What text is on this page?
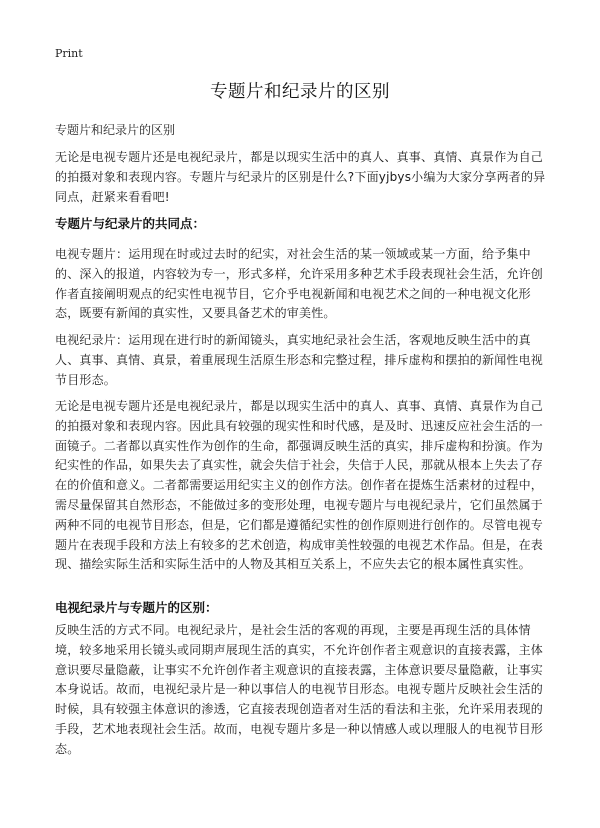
Print
专题片和纪录片的区别
专题片和纪录片的区别
无论是电视专题片还是电视纪录片，都是以现实生活中的真人、真事、真情、真景作为自己的拍摄对象和表现内容。专题片与纪录片的区别是什么?下面yjbys小编为大家分享两者的异同点，赶紧来看看吧!
专题片与纪录片的共同点：
电视专题片：运用现在时或过去时的纪实，对社会生活的某一领域或某一方面，给予集中的、深入的报道，内容较为专一，形式多样，允许采用多种艺术手段表现社会生活，允许创作者直接阐明观点的纪实性电视节目，它介乎电视新闻和电视艺术之间的一种电视文化形态，既要有新闻的真实性，又要具备艺术的审美性。
电视纪录片：运用现在进行时的新闻镜头，真实地纪录社会生活，客观地反映生活中的真人、真事、真情、真景，着重展现生活原生形态和完整过程，排斥虚构和摆拍的新闻性电视节目形态。
无论是电视专题片还是电视纪录片，都是以现实生活中的真人、真事、真情、真景作为自己的拍摄对象和表现内容。因此具有较强的现实性和时代感，是及时、迅速反应社会生活的一面镜子。二者都以真实性作为创作的生命，都强调反映生活的真实，排斥虚构和扮演。作为纪实性的作品，如果失去了真实性，就会失信于社会，失信于人民，那就从根本上失去了存在的价值和意义。二者都需要运用纪实主义的创作方法。创作者在提炼生活素材的过程中，需尽量保留其自然形态，不能做过多的变形处理，电视专题片与电视纪录片，它们虽然属于两种不同的电视节目形态，但是，它们都是遵循纪实性的创作原则进行创作的。尽管电视专题片在表现手段和方法上有较多的艺术创造，构成审美性较强的电视艺术作品。但是，在表现、描绘实际生活和实际生活中的人物及其相互关系上，不应失去它的根本属性真实性。
电视纪录片与专题片的区别：
反映生活的方式不同。电视纪录片，是社会生活的客观的再现，主要是再现生活的具体情境，较多地采用长镜头或同期声展现生活的真实，不允许创作者主观意识的直接表露，主体意识要尽量隐蔽，让事实不允许创作者主观意识的直接表露，主体意识要尽量隐蔽，让事实本身说话。故而，电视纪录片是一种以事信人的电视节目形态。电视专题片反映社会生活的时候，具有较强主体意识的渗透，它直接表现创造者对生活的看法和主张，允许采用表现的手段，艺术地表现社会生活。故而，电视专题片多是一种以情感人或以理服人的电视节目形态。
